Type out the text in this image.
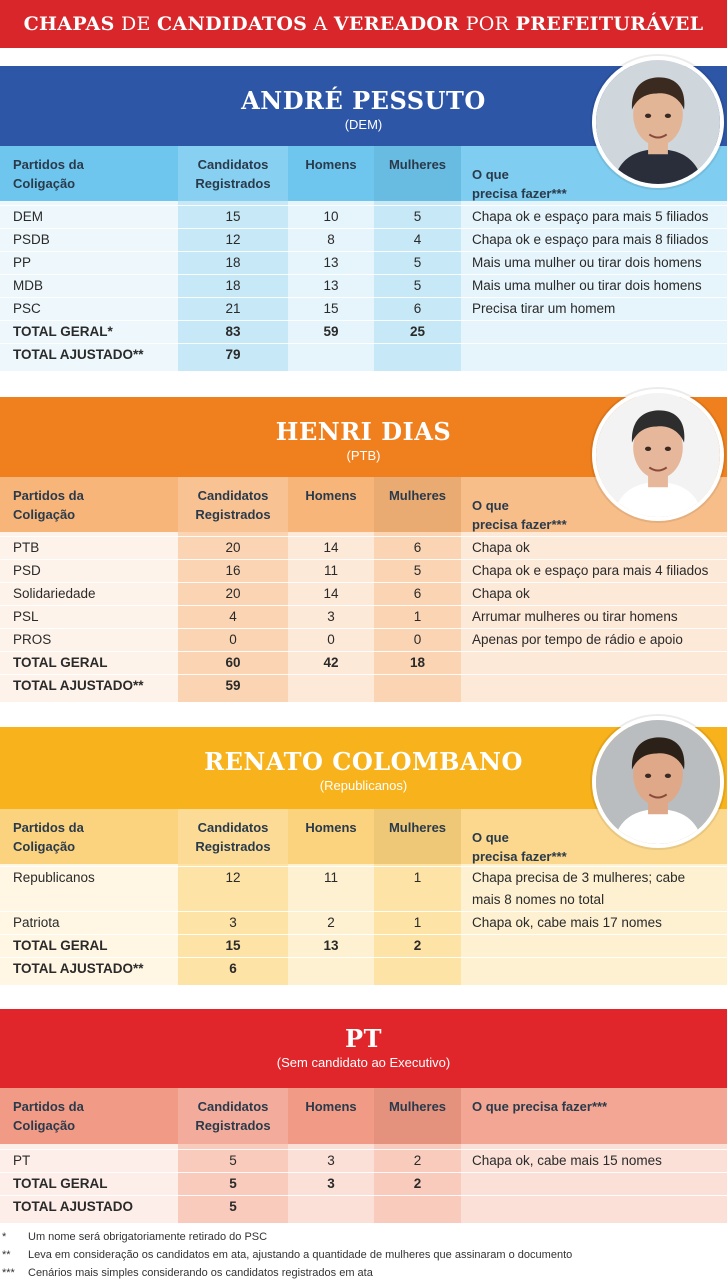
CHAPAS DE CANDIDATOS A VEREADOR POR PREFEITURÁVEL
ANDRÉ PESSUTO
(DEM)
Partidos da
Coligação
Candidatos
Registrados
Homens	Mulheres
O que
precisa fazer***
DEM	15	10	5	Chapa ok e espaço para mais 5 filiados
PSDB	12	8	4	Chapa ok e espaço para mais 8 filiados
PP	18	13	5	Mais uma mulher ou tirar dois homens
MDB	18	13	5	Mais uma mulher ou tirar dois homens
PSC	21	15	6	Precisa tirar um homem
TOTAL GERAL*	83	59	25
TOTAL AJUSTADO**	79
HENRI DIAS
(PTB)
Partidos da
Coligação
Candidatos
Registrados
Homens	Mulheres
O que
precisa fazer***
PTB	20	14	6	Chapa ok
PSD	16	11	5	Chapa ok e espaço para mais 4 filiados
Solidariedade	20	14	6	Chapa ok
PSL	4	3	1	Arrumar mulheres ou tirar homens
PROS	0	0	0	Apenas por tempo de rádio e apoio
TOTAL GERAL	60	42	18
TOTAL AJUSTADO**	59
RENATO COLOMBANO
(Republicanos)
Partidos da
Coligação
Candidatos
Registrados
Homens	Mulheres
O que
precisa fazer***
Republicanos	12	11	1	Chapa precisa de 3 mulheres; cabe
mais 8 nomes no total
Patriota	3	2	1	Chapa ok, cabe mais 17 nomes
TOTAL GERAL	15	13	2
TOTAL AJUSTADO**	6
PT
(Sem candidato ao Executivo)
Partidos da
Coligação
Candidatos
Registrados
Homens	Mulheres	O que precisa fazer***
PT	5	3	2	Chapa ok, cabe mais 15 nomes
TOTAL GERAL	5	3	2
TOTAL AJUSTADO	5
* Um nome será obrigatoriamente retirado do PSC
** Leva em consideração os candidatos em ata, ajustando a quantidade de mulheres que assinaram o documento
*** Cenários mais simples considerando os candidatos registrados em ata
